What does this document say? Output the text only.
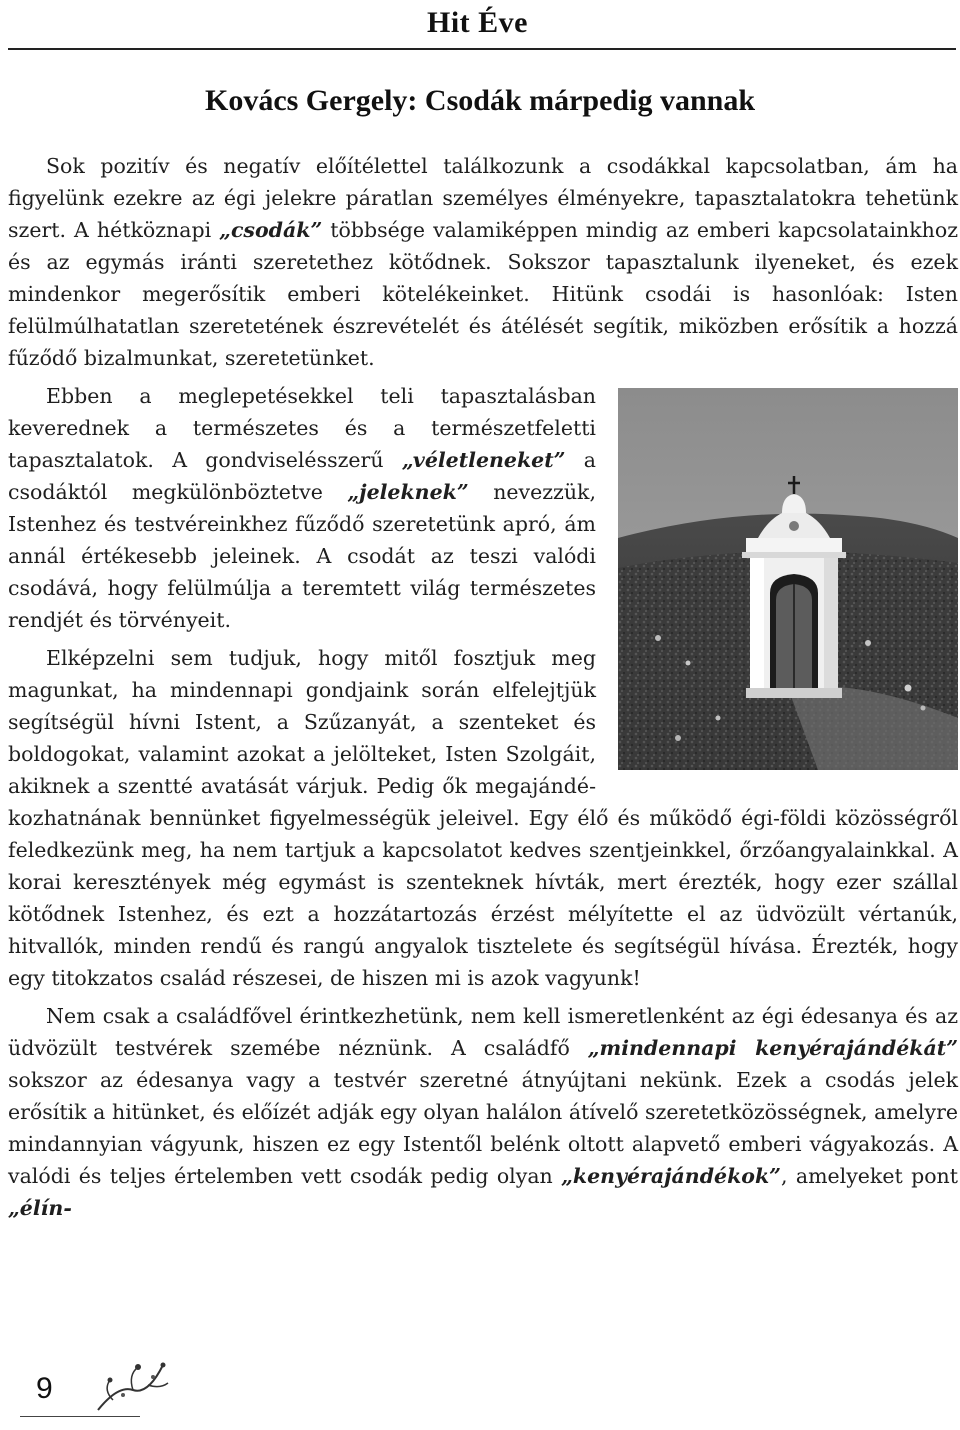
Hit Éve
Kovács Gergely: Csodák márpedig vannak

Sok pozitív és negatív előítélettel találkozunk a csodákkal kapcsolatban, ám ha figyelünk ezekre az égi jelekre páratlan személyes élményekre, tapasztalatokra tehetünk szert. A hétköznapi „csodák” többsége valamiképpen mindig az emberi kapcsolatainkhoz és az egymás iránti szeretethez kötődnek. Sokszor tapasztalunk ilyeneket, és ezek mindenkor megerősítik emberi kötelékeinket. Hitünk csodái is hasonlóak: Isten felülmúlhatatlan szeretetének észrevételét és átélését segítik, miközben erősítik a hozzá fűződő bizalmunkat, szeretetünket.

Ebben a meglepetésekkel teli tapasztalásban keverednek a természetes és a természetfeletti tapasztalatok. A gondviselésszerű „véletleneket” a csodáktól megkülönböztetve „jeleknek” nevezzük, Istenhez és testvéreinkhez fűződő szeretetünk apró, ám annál értékesebb jeleinek. A csodát az teszi valódi csodává, hogy felülmúlja a teremtett világ természetes rendjét és törvényeit.

Elképzelni sem tudjuk, hogy mitől fosztjuk meg magunkat, ha mindennapi gondjaink során elfelejtjük segítségül hívni Istent, a Szűzanyát, a szenteket és boldogokat, valamint azokat a jelölteket, Isten Szolgáit, akiknek a szentté avatását várjuk. Pedig ők megajándékozhatnának bennünket figyelmességük jeleivel. Egy élő és működő égi-földi közösségről feledkezünk meg, ha nem tartjuk a kapcsolatot kedves szentjeinkkel, őrzőangyalainkkal. A korai keresztények még egymást is szenteknek hívták, mert érezték, hogy ezer szállal kötődnek Istenhez, és ezt a hozzátartozás érzést mélyítette el az üdvözült vértanúk, hitvallók, minden rendű és rangú angyalok tisztelete és segítségül hívása. Érezték, hogy egy titokzatos család részesei, de hiszen mi is azok vagyunk!

Nem csak a családfővel érintkezhetünk, nem kell ismeretlenként az égi édesanya és az üdvözült testvérek szemébe néznünk. A családfő „mindennapi kenyérajándékát” sokszor az édesanya vagy a testvér szeretné átnyújtani nekünk. Ezek a csodás jelek erősítik a hitünket, és előízét adják egy olyan halálon átívelő szeretetközösségnek, amelyre mindannyian vágyunk, hiszen ez egy Istentől belénk oltott alapvető emberi vágyakozás. A valódi és teljes értelemben vett csodák pedig olyan „kenyérajándékok”, amelyeket pont „élín-

9
